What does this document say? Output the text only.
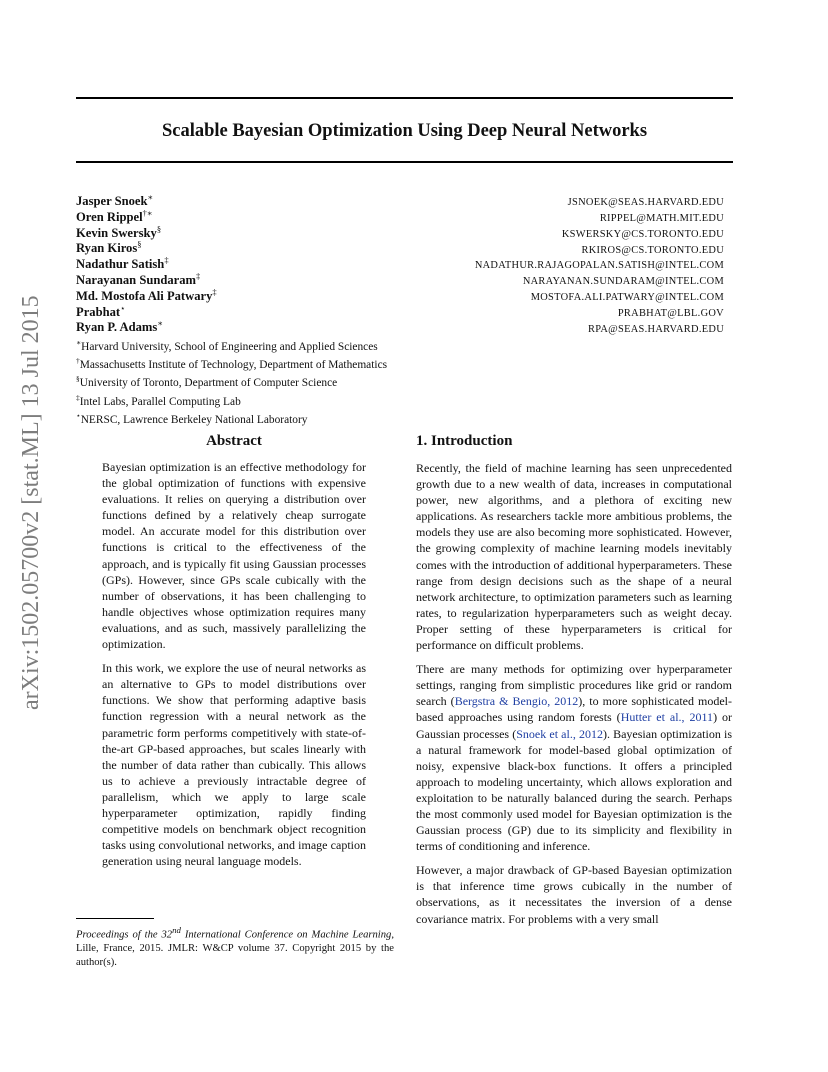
Scalable Bayesian Optimization Using Deep Neural Networks
arXiv:1502.05700v2 [stat.ML] 13 Jul 2015
Jasper Snoek∗
JSNOEK@SEAS.HARVARD.EDU
Oren Rippel†∗
RIPPEL@MATH.MIT.EDU
Kevin Swersky§
KSWERSKY@CS.TORONTO.EDU
Ryan Kiros§
RKIROS@CS.TORONTO.EDU
Nadathur Satish‡
NADATHUR.RAJAGOPALAN.SATISH@INTEL.COM
Narayanan Sundaram‡
NARAYANAN.SUNDARAM@INTEL.COM
Md. Mostofa Ali Patwary‡
MOSTOFA.ALI.PATWARY@INTEL.COM
Prabhat⋆
PRABHAT@LBL.GOV
Ryan P. Adams∗
RPA@SEAS.HARVARD.EDU
∗Harvard University, School of Engineering and Applied Sciences
†Massachusetts Institute of Technology, Department of Mathematics
§University of Toronto, Department of Computer Science
‡Intel Labs, Parallel Computing Lab
⋆NERSC, Lawrence Berkeley National Laboratory
Abstract

Bayesian optimization is an effective methodology for the global optimization of functions with expensive evaluations. It relies on querying a distribution over functions defined by a relatively cheap surrogate model. An accurate model for this distribution over functions is critical to the effectiveness of the approach, and is typically fit using Gaussian processes (GPs). However, since GPs scale cubically with the number of observations, it has been challenging to handle objectives whose optimization requires many evaluations, and as such, massively parallelizing the optimization.

In this work, we explore the use of neural networks as an alternative to GPs to model distributions over functions. We show that performing adaptive basis function regression with a neural network as the parametric form performs competitively with state-of-the-art GP-based approaches, but scales linearly with the number of data rather than cubically. This allows us to achieve a previously intractable degree of parallelism, which we apply to large scale hyperparameter optimization, rapidly finding competitive models on benchmark object recognition tasks using convolutional networks, and image caption generation using neural language models.

1. Introduction

Recently, the field of machine learning has seen unprecedented growth due to a new wealth of data, increases in computational power, new algorithms, and a plethora of exciting new applications. As researchers tackle more ambitious problems, the models they use are also becoming more sophisticated. However, the growing complexity of machine learning models inevitably comes with the introduction of additional hyperparameters. These range from design decisions such as the shape of a neural network architecture, to optimization parameters such as learning rates, to regularization hyperparameters such as weight decay. Proper setting of these hyperparameters is critical for performance on difficult problems.

There are many methods for optimizing over hyperparameter settings, ranging from simplistic procedures like grid or random search (Bergstra & Bengio, 2012), to more sophisticated model-based approaches using random forests (Hutter et al., 2011) or Gaussian processes (Snoek et al., 2012). Bayesian optimization is a natural framework for model-based global optimization of noisy, expensive black-box functions. It offers a principled approach to modeling uncertainty, which allows exploration and exploitation to be naturally balanced during the search. Perhaps the most commonly used model for Bayesian optimization is the Gaussian process (GP) due to its simplicity and flexibility in terms of conditioning and inference.

However, a major drawback of GP-based Bayesian optimization is that inference time grows cubically in the number of observations, as it necessitates the inversion of a dense covariance matrix. For problems with a very small

Proceedings of the 32nd International Conference on Machine Learning, Lille, France, 2015. JMLR: W&CP volume 37. Copyright 2015 by the author(s).
